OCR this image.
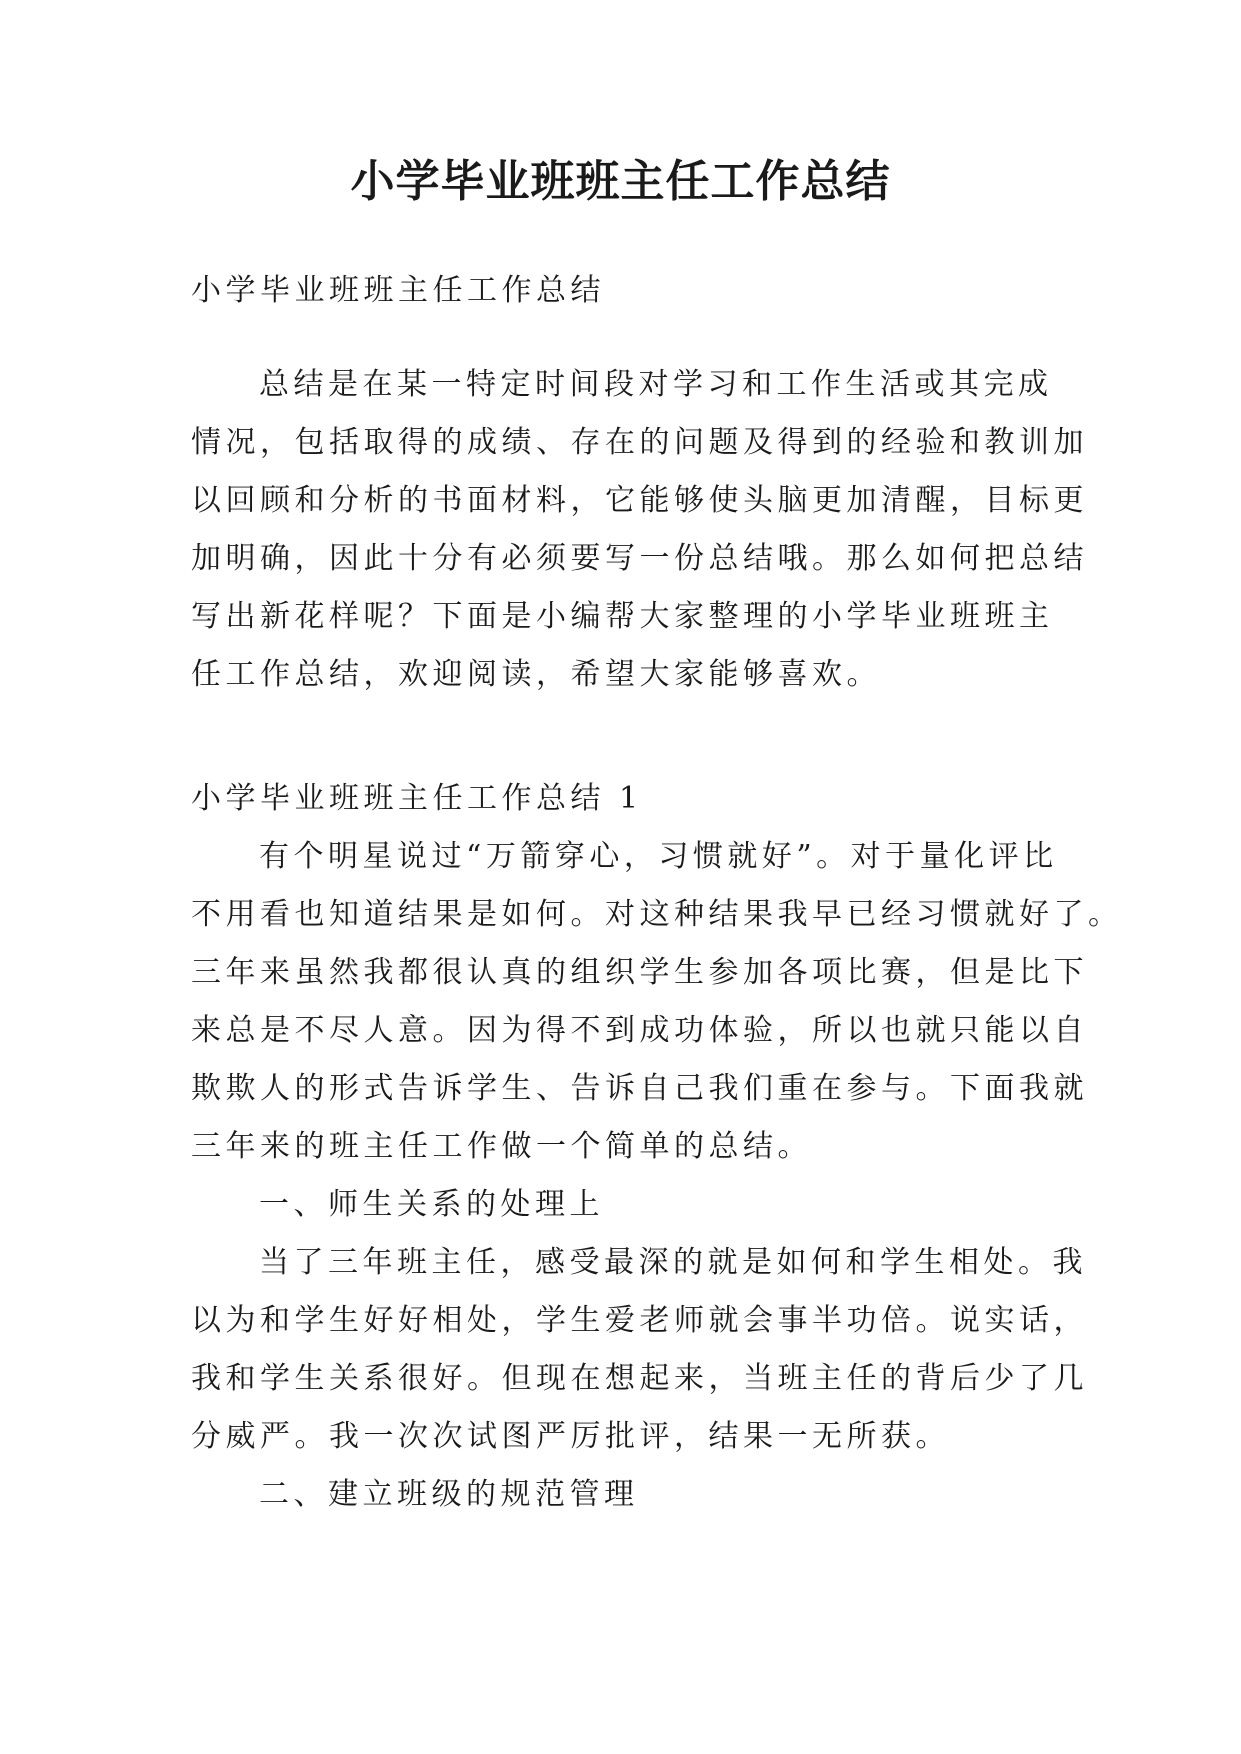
小学毕业班班主任工作总结

小学毕业班班主任工作总结

总结是在某一特定时间段对学习和工作生活或其完成
情况，包括取得的成绩、存在的问题及得到的经验和教训加
以回顾和分析的书面材料，它能够使头脑更加清醒，目标更
加明确，因此十分有必须要写一份总结哦。那么如何把总结
写出新花样呢？下面是小编帮大家整理的小学毕业班班主
任工作总结，欢迎阅读，希望大家能够喜欢。

小学毕业班班主任工作总结 1

有个明星说过“万箭穿心，习惯就好”。对于量化评比
不用看也知道结果是如何。对这种结果我早已经习惯就好了。
三年来虽然我都很认真的组织学生参加各项比赛，但是比下
来总是不尽人意。因为得不到成功体验，所以也就只能以自
欺欺人的形式告诉学生、告诉自己我们重在参与。下面我就
三年来的班主任工作做一个简单的总结。
一、师生关系的处理上
当了三年班主任，感受最深的就是如何和学生相处。我
以为和学生好好相处，学生爱老师就会事半功倍。说实话，
我和学生关系很好。但现在想起来，当班主任的背后少了几
分威严。我一次次试图严厉批评，结果一无所获。
二、建立班级的规范管理
